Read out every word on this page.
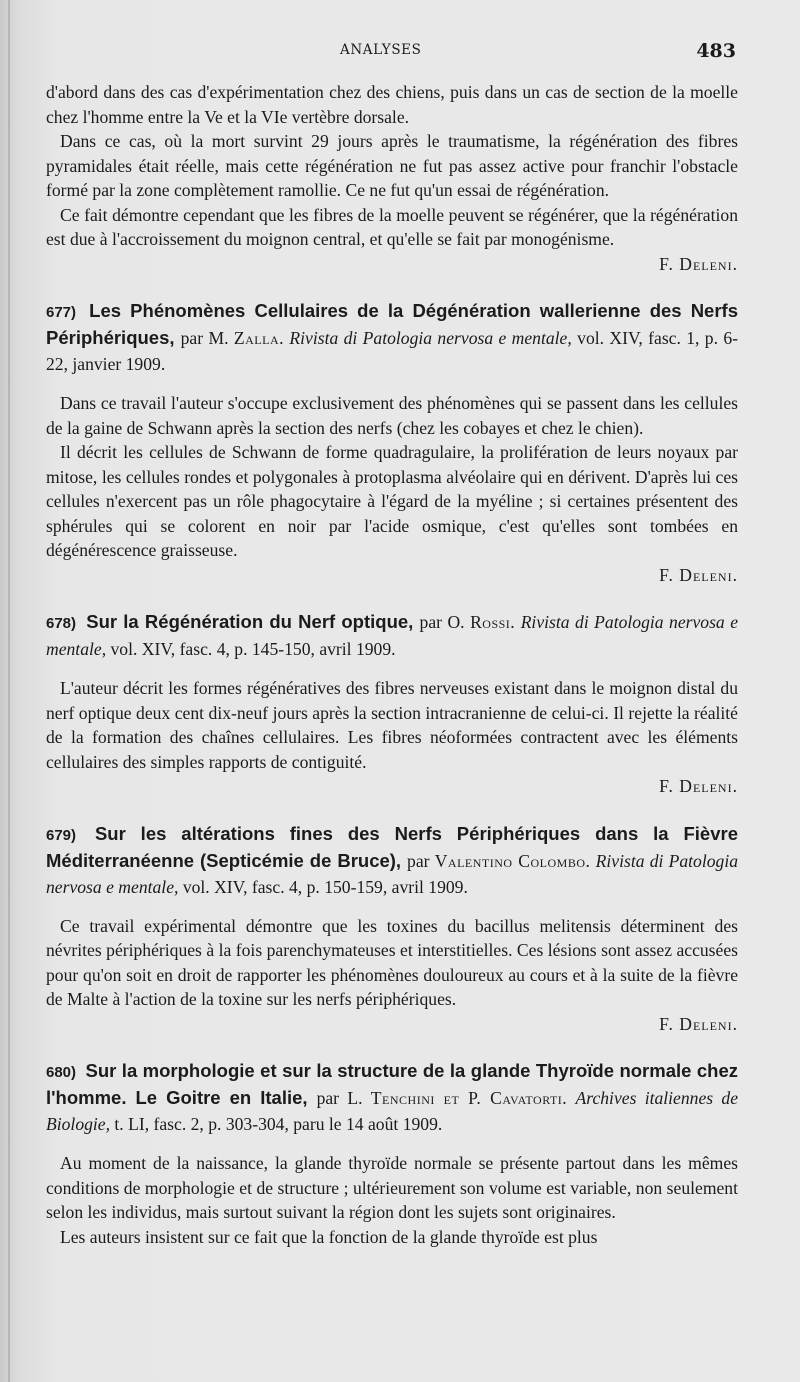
ANALYSES	483

d'abord dans des cas d'expérimentation chez des chiens, puis dans un cas de section de la moelle chez l'homme entre la Ve et la VIe vertèbre dorsale.

Dans ce cas, où la mort survint 29 jours après le traumatisme, la régénération des fibres pyramidales était réelle, mais cette régénération ne fut pas assez active pour franchir l'obstacle formé par la zone complètement ramollie. Ce ne fut qu'un essai de régénération.

Ce fait démontre cependant que les fibres de la moelle peuvent se régénérer, que la régénération est due à l'accroissement du moignon central, et qu'elle se fait par monogénisme.

F. Deleni.

677) Les Phénomènes Cellulaires de la Dégénération wallerienne des Nerfs Périphériques, par M. Zalla. Rivista di Patologia nervosa e mentale, vol. XIV, fasc. 1, p. 6-22, janvier 1909.

Dans ce travail l'auteur s'occupe exclusivement des phénomènes qui se passent dans les cellules de la gaine de Schwann après la section des nerfs (chez les cobayes et chez le chien).

Il décrit les cellules de Schwann de forme quadragulaire, la prolifération de leurs noyaux par mitose, les cellules rondes et polygonales à protoplasma alvéolaire qui en dérivent. D'après lui ces cellules n'exercent pas un rôle phagocytaire à l'égard de la myéline ; si certaines présentent des sphérules qui se colorent en noir par l'acide osmique, c'est qu'elles sont tombées en dégénérescence graisseuse.

F. Deleni.

678) Sur la Régénération du Nerf optique, par O. Rossi. Rivista di Patologia nervosa e mentale, vol. XIV, fasc. 4, p. 145-150, avril 1909.

L'auteur décrit les formes régénératives des fibres nerveuses existant dans le moignon distal du nerf optique deux cent dix-neuf jours après la section intracranienne de celui-ci. Il rejette la réalité de la formation des chaînes cellulaires. Les fibres néoformées contractent avec les éléments cellulaires des simples rapports de contiguité.

F. Deleni.

679) Sur les altérations fines des Nerfs Périphériques dans la Fièvre Méditerranéenne (Septicémie de Bruce), par Valentino Colombo. Rivista di Patologia nervosa e mentale, vol. XIV, fasc. 4, p. 150-159, avril 1909.

Ce travail expérimental démontre que les toxines du bacillus melitensis déterminent des névrites périphériques à la fois parenchymateuses et interstitielles. Ces lésions sont assez accusées pour qu'on soit en droit de rapporter les phénomènes douloureux au cours et à la suite de la fièvre de Malte à l'action de la toxine sur les nerfs périphériques.

F. Deleni.

680) Sur la morphologie et sur la structure de la glande Thyroïde normale chez l'homme. Le Goitre en Italie, par L. Tenchini et P. Cavatorti. Archives italiennes de Biologie, t. LI, fasc. 2, p. 303-304, paru le 14 août 1909.

Au moment de la naissance, la glande thyroïde normale se présente partout dans les mêmes conditions de morphologie et de structure ; ultérieurement son volume est variable, non seulement selon les individus, mais surtout suivant la région dont les sujets sont originaires.

Les auteurs insistent sur ce fait que la fonction de la glande thyroïde est plus
